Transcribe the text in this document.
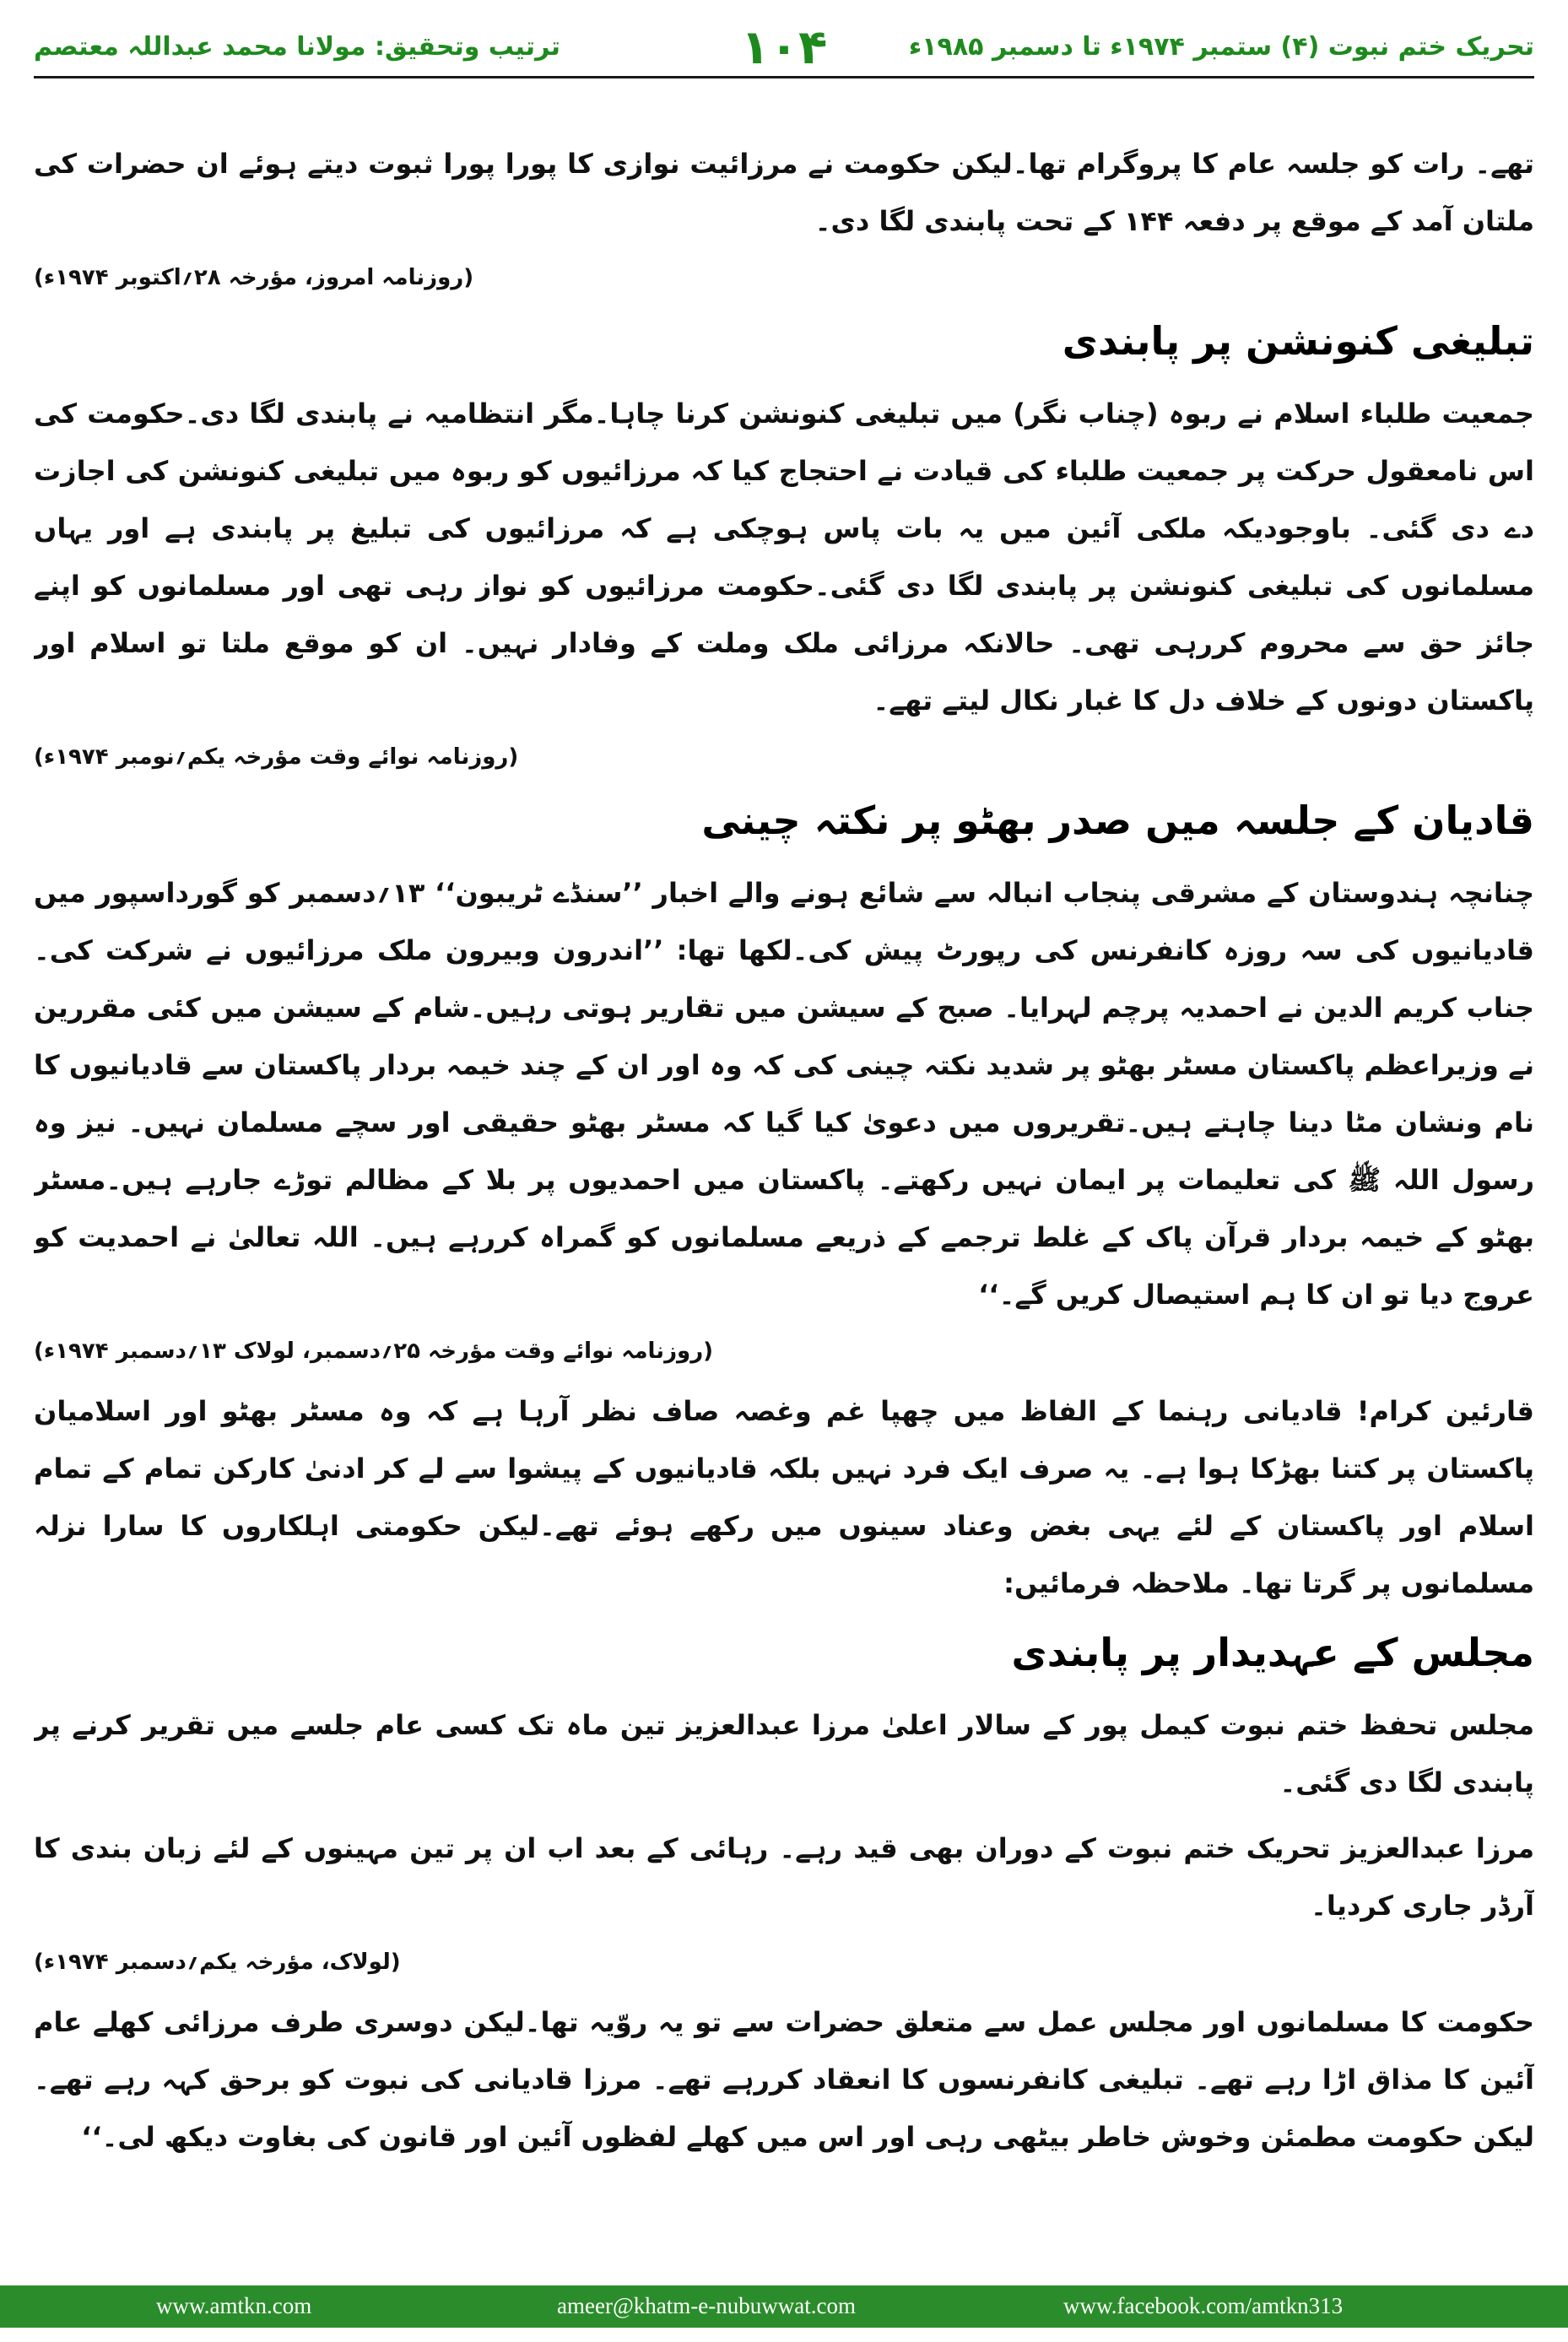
تحریک ختم نبوت (۴) ستمبر ۱۹۷۴ء تا دسمبر ۱۹۸۵ء
۱۰۴
ترتیب وتحقیق: مولانا محمد عبداللہ معتصم

تھے۔ رات کو جلسہ عام کا پروگرام تھا۔لیکن حکومت نے مرزائیت نوازی کا پورا پورا ثبوت دیتے ہوئے ان حضرات کی ملتان آمد کے موقع پر دفعہ ۱۴۴ کے تحت پابندی لگا دی۔

(روزنامہ امروز، مؤرخہ ۲۸؍اکتوبر ۱۹۷۴ء)
تبلیغی کنونشن پر پابندی

جمعیت طلباء اسلام نے ربوہ (چناب نگر) میں تبلیغی کنونشن کرنا چاہا۔مگر انتظامیہ نے پابندی لگا دی۔حکومت کی اس نامعقول حرکت پر جمعیت طلباء کی قیادت نے احتجاج کیا کہ مرزائیوں کو ربوہ میں تبلیغی کنونشن کی اجازت دے دی گئی۔ باوجودیکہ ملکی آئین میں یہ بات پاس ہوچکی ہے کہ مرزائیوں کی تبلیغ پر پابندی ہے اور یہاں مسلمانوں کی تبلیغی کنونشن پر پابندی لگا دی گئی۔حکومت مرزائیوں کو نواز رہی تھی اور مسلمانوں کو اپنے جائز حق سے محروم کررہی تھی۔ حالانکہ مرزائی ملک وملت کے وفادار نہیں۔ ان کو موقع ملتا تو اسلام اور پاکستان دونوں کے خلاف دل کا غبار نکال لیتے تھے۔

(روزنامہ نوائے وقت مؤرخہ یکم؍نومبر ۱۹۷۴ء)
قادیان کے جلسہ میں صدر بھٹو پر نکتہ چینی

چنانچہ ہندوستان کے مشرقی پنجاب انبالہ سے شائع ہونے والے اخبار ’’سنڈے ٹریبون‘‘ ۱۳؍دسمبر کو گورداسپور میں قادیانیوں کی سہ روزہ کانفرنس کی رپورٹ پیش کی۔لکھا تھا: ’’اندرون وبیرون ملک مرزائیوں نے شرکت کی۔ جناب کریم الدین نے احمدیہ پرچم لہرایا۔ صبح کے سیشن میں تقاریر ہوتی رہیں۔شام کے سیشن میں کئی مقررین نے وزیراعظم پاکستان مسٹر بھٹو پر شدید نکتہ چینی کی کہ وہ اور ان کے چند خیمہ بردار پاکستان سے قادیانیوں کا نام ونشان مٹا دینا چاہتے ہیں۔تقریروں میں دعویٰ کیا گیا کہ مسٹر بھٹو حقیقی اور سچے مسلمان نہیں۔ نیز وہ رسول اللہ ﷺ کی تعلیمات پر ایمان نہیں رکھتے۔ پاکستان میں احمدیوں پر بلا کے مظالم توڑے جارہے ہیں۔مسٹر بھٹو کے خیمہ بردار قرآن پاک کے غلط ترجمے کے ذریعے مسلمانوں کو گمراہ کررہے ہیں۔ اللہ تعالیٰ نے احمدیت کو عروج دیا تو ان کا ہم استیصال کریں گے۔‘‘

(روزنامہ نوائے وقت مؤرخہ ۲۵؍دسمبر، لولاک ۱۳؍دسمبر ۱۹۷۴ء)

قارئین کرام! قادیانی رہنما کے الفاظ میں چھپا غم وغصہ صاف نظر آرہا ہے کہ وہ مسٹر بھٹو اور اسلامیان پاکستان پر کتنا بھڑکا ہوا ہے۔ یہ صرف ایک فرد نہیں بلکہ قادیانیوں کے پیشوا سے لے کر ادنیٰ کارکن تمام کے تمام اسلام اور پاکستان کے لئے یہی بغض وعناد سینوں میں رکھے ہوئے تھے۔لیکن حکومتی اہلکاروں کا سارا نزلہ مسلمانوں پر گرتا تھا۔ ملاحظہ فرمائیں:

مجلس کے عہدیدار پر پابندی

مجلس تحفظ ختم نبوت کیمل پور کے سالار اعلیٰ مرزا عبدالعزیز تین ماہ تک کسی عام جلسے میں تقریر کرنے پر پابندی لگا دی گئی۔

مرزا عبدالعزیز تحریک ختم نبوت کے دوران بھی قید رہے۔ رہائی کے بعد اب ان پر تین مہینوں کے لئے زبان بندی کا آرڈر جاری کردیا۔

(لولاک، مؤرخہ یکم؍دسمبر ۱۹۷۴ء)

حکومت کا مسلمانوں اور مجلس عمل سے متعلق حضرات سے تو یہ روّیہ تھا۔لیکن دوسری طرف مرزائی کھلے عام آئین کا مذاق اڑا رہے تھے۔ تبلیغی کانفرنسوں کا انعقاد کررہے تھے۔ مرزا قادیانی کی نبوت کو برحق کہہ رہے تھے۔لیکن حکومت مطمئن وخوش خاطر بیٹھی رہی اور اس میں کھلے لفظوں آئین اور قانون کی بغاوت دیکھ لی۔‘‘

www.amtkn.com	ameer@khatm-e-nubuwwat.com	www.facebook.com/amtkn313
